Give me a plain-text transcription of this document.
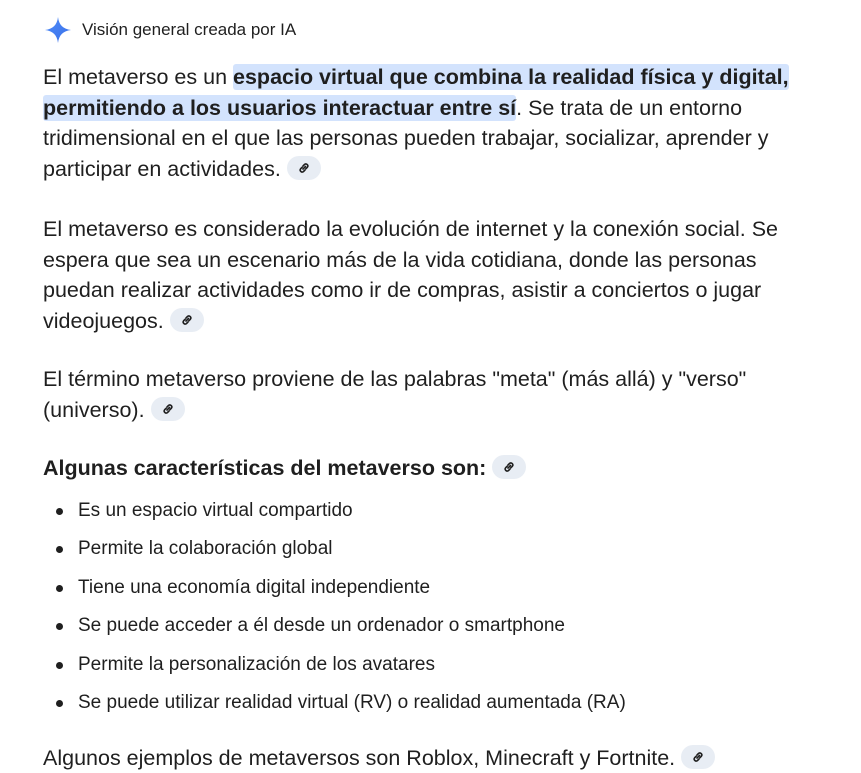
Visión general creada por IA

El metaverso es un espacio virtual que combina la realidad física y digital, permitiendo a los usuarios interactuar entre sí. Se trata de un entorno tridimensional en el que las personas pueden trabajar, socializar, aprender y participar en actividades.

El metaverso es considerado la evolución de internet y la conexión social. Se espera que sea un escenario más de la vida cotidiana, donde las personas puedan realizar actividades como ir de compras, asistir a conciertos o jugar videojuegos.

El término metaverso proviene de las palabras "meta" (más allá) y "verso" (universo).

Algunas características del metaverso son:
Es un espacio virtual compartido
Permite la colaboración global
Tiene una economía digital independiente
Se puede acceder a él desde un ordenador o smartphone
Permite la personalización de los avatares
Se puede utilizar realidad virtual (RV) o realidad aumentada (RA)

Algunos ejemplos de metaversos son Roblox, Minecraft y Fortnite.
